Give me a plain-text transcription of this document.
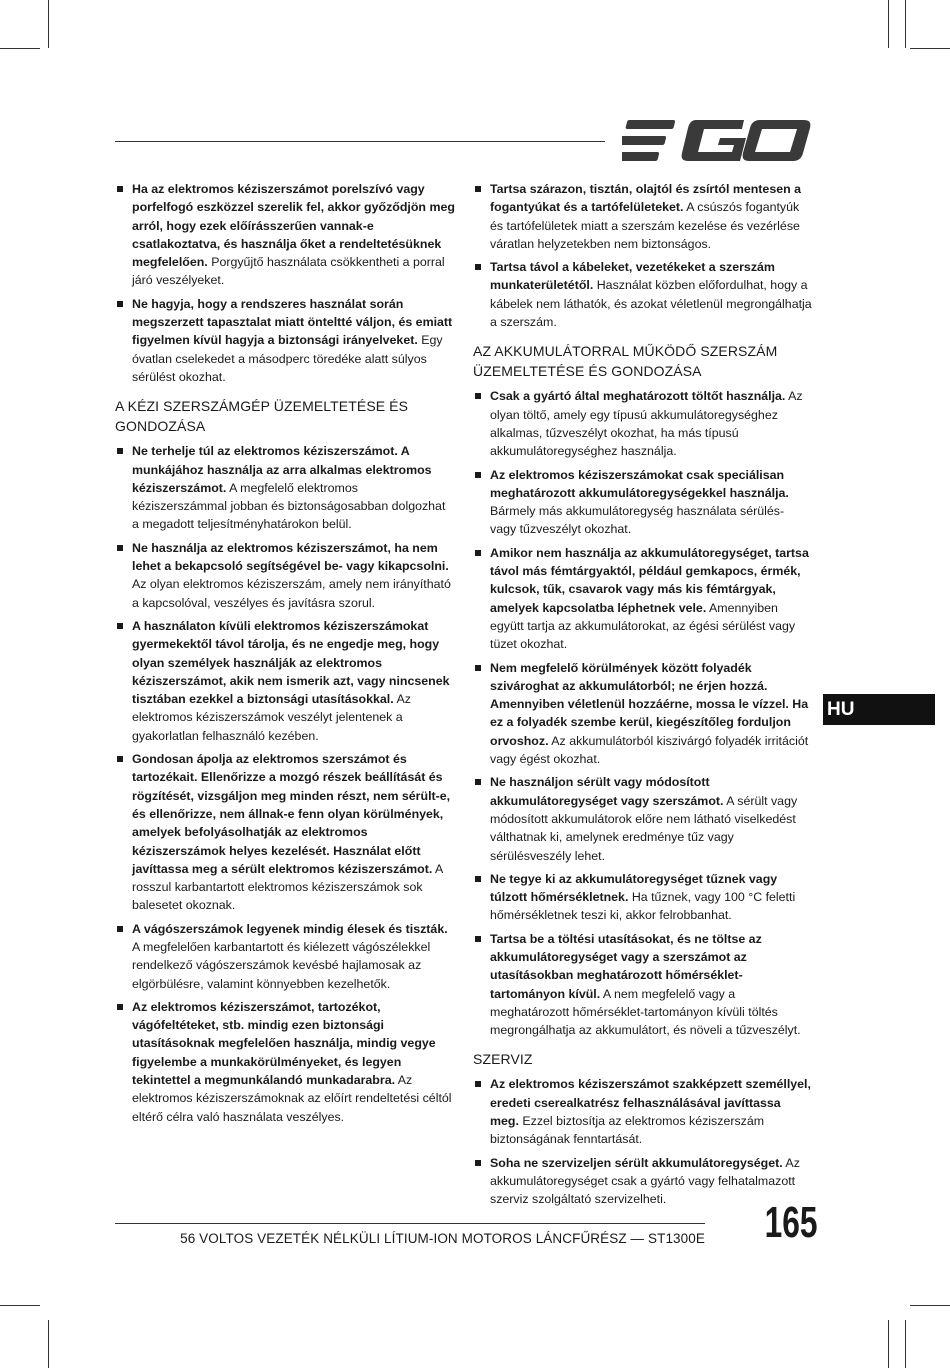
Ha az elektromos kéziszerszámot porelszívó vagy porfelfogó eszközzel szerelik fel, akkor győződjön meg arról, hogy ezek előírásszerűen vannak-e csatlakoztatva, és használja őket a rendeltetésüknek megfelelően. Porgyűjtő használata csökkentheti a porral járó veszélyeket.
Ne hagyja, hogy a rendszeres használat során megszerzett tapasztalat miatt önteltté váljon, és emiatt figyelmen kívül hagyja a biztonsági irányelveket. Egy óvatlan cselekedet a másodperc töredéke alatt súlyos sérülést okozhat.
A KÉZI SZERSZÁMGÉP ÜZEMELTETÉSE ÉS GONDOZÁSA
Ne terhelje túl az elektromos kéziszerszámot. A munkájához használja az arra alkalmas elektromos kéziszerszámot. A megfelelő elektromos kéziszerszámmal jobban és biztonságosabban dolgozhat a megadott teljesítményhatárokon belül.
Ne használja az elektromos kéziszerszámot, ha nem lehet a bekapcsoló segítségével be- vagy kikapcsolni. Az olyan elektromos kéziszerszám, amely nem irányítható a kapcsolóval, veszélyes és javításra szorul.
A használaton kívüli elektromos kéziszerszámokat gyermekektől távol tárolja, és ne engedje meg, hogy olyan személyek használják az elektromos kéziszerszámot, akik nem ismerik azt, vagy nincsenek tisztában ezekkel a biztonsági utasításokkal. Az elektromos kéziszerszámok veszélyt jelentenek a gyakorlatlan felhasználó kezében.
Gondosan ápolja az elektromos szerszámot és tartozékait. Ellenőrizze a mozgó részek beállítását és rögzítését, vizsgáljon meg minden részt, nem sérült-e, és ellenőrizze, nem állnak-e fenn olyan körülmények, amelyek befolyásolhatják az elektromos kéziszerszámok helyes kezelését. Használat előtt javíttassa meg a sérült elektromos kéziszerszámot. A rosszul karbantartott elektromos kéziszerszámok sok balesetet okoznak.
A vágószerszámok legyenek mindig élesek és tiszták. A megfelelően karbantartott és kiélezett vágószélekkel rendelkező vágószerszámok kevésbé hajlamosak az elgörbülésre, valamint könnyebben kezelhetők.
Az elektromos kéziszerszámot, tartozékot, vágófeltéteket, stb. mindig ezen biztonsági utasításoknak megfelelően használja, mindig vegye figyelembe a munkakörülményeket, és legyen tekintettel a megmunkálandó munkadarabra. Az elektromos kéziszerszámoknak az előírt rendeltetési céltól eltérő célra való használata veszélyes.
Tartsa szárazon, tisztán, olajtól és zsírtól mentesen a fogantyúkat és a tartófelületeket. A csúszós fogantyúk és tartófelületek miatt a szerszám kezelése és vezérlése váratlan helyzetekben nem biztonságos.
Tartsa távol a kábeleket, vezetékeket a szerszám munkaterületétől. Használat közben előfordulhat, hogy a kábelek nem láthatók, és azokat véletlenül megrongálhatja a szerszám.
AZ AKKUMULÁTORRAL MŰKÖDŐ SZERSZÁM ÜZEMELTETÉSE ÉS GONDOZÁSA
Csak a gyártó által meghatározott töltőt használja. Az olyan töltő, amely egy típusú akkumulátoregységhez alkalmas, tűzveszélyt okozhat, ha más típusú akkumulátoregységhez használja.
Az elektromos kéziszerszámokat csak speciálisan meghatározott akkumulátoregységekkel használja. Bármely más akkumulátoregység használata sérülés- vagy tűzveszélyt okozhat.
Amikor nem használja az akkumulátoregységet, tartsa távol más fémtárgyaktól, például gemkapocs, érmék, kulcsok, tűk, csavarok vagy más kis fémtárgyak, amelyek kapcsolatba léphetnek vele. Amennyiben együtt tartja az akkumulátorokat, az égési sérülést vagy tüzet okozhat.
Nem megfelelő körülmények között folyadék szivároghat az akkumulátorból; ne érjen hozzá. Amennyiben véletlenül hozzáérne, mossa le vízzel. Ha ez a folyadék szembe kerül, kiegészítőleg forduljon orvoshoz. Az akkumulátorból kiszivárgó folyadék irritációt vagy égést okozhat.
Ne használjon sérült vagy módosított akkumulátoregységet vagy szerszámot. A sérült vagy módosított akkumulátorok előre nem látható viselkedést válthatnak ki, amelynek eredménye tűz vagy sérülésveszély lehet.
Ne tegye ki az akkumulátoregységet tűznek vagy túlzott hőmérsékletnek. Ha tűznek, vagy 100 °C feletti hőmérsékletnek teszi ki, akkor felrobbanhat.
Tartsa be a töltési utasításokat, és ne töltse az akkumulátoregységet vagy a szerszámot az utasításokban meghatározott hőmérséklet-tartományon kívül. A nem megfelelő vagy a meghatározott hőmérséklet-tartományon kívüli töltés megrongálhatja az akkumulátort, és növeli a tűzveszélyt.
SZERVIZ
Az elektromos kéziszerszámot szakképzett személlyel, eredeti cserealkatrész felhasználásával javíttassa meg. Ezzel biztosítja az elektromos kéziszerszám biztonságának fenntartását.
Soha ne szervizeljen sérült akkumulátoregységet. Az akkumulátoregységet csak a gyártó vagy felhatalmazott szerviz szolgáltató szervizelheti.
HU
56 VOLTOS VEZETÉK NÉLKÜLI LÍTIUM-ION MOTOROS LÁNCFŰRÉSZ — ST1300E 165
